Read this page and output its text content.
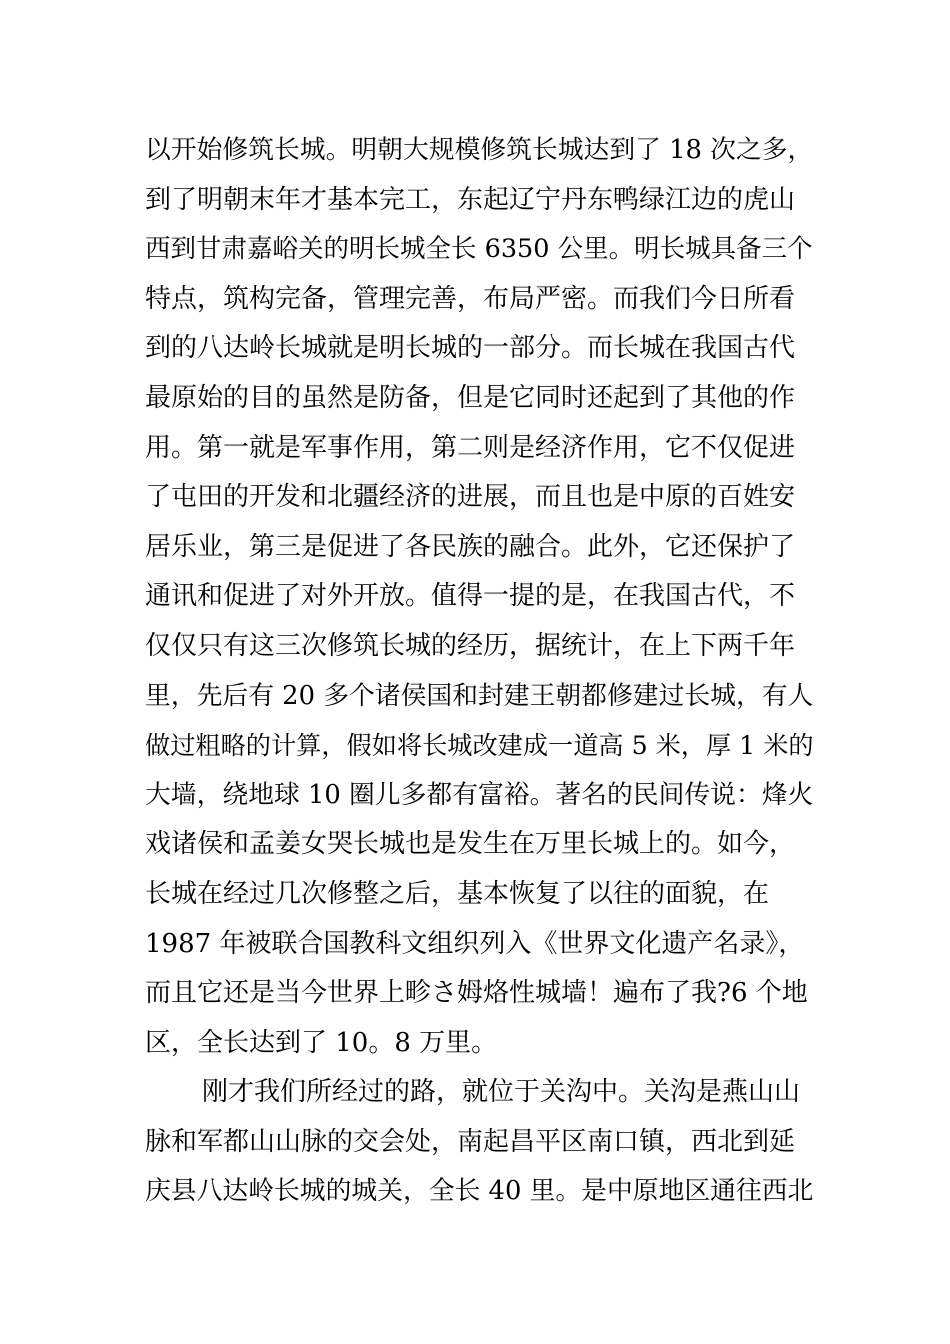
以开始修筑长城。明朝大规模修筑长城达到了 18 次之多，
到了明朝末年才基本完工，东起辽宁丹东鸭绿江边的虎山
西到甘肃嘉峪关的明长城全长 6350 公里。明长城具备三个
特点，筑构完备，管理完善，布局严密。而我们今日所看
到的八达岭长城就是明长城的一部分。而长城在我国古代
最原始的目的虽然是防备，但是它同时还起到了其他的作
用。第一就是军事作用，第二则是经济作用，它不仅促进
了屯田的开发和北疆经济的进展，而且也是中原的百姓安
居乐业，第三是促进了各民族的融合。此外，它还保护了
通讯和促进了对外开放。值得一提的是，在我国古代，不
仅仅只有这三次修筑长城的经历，据统计，在上下两千年
里，先后有 20 多个诸侯国和封建王朝都修建过长城，有人
做过粗略的计算，假如将长城改建成一道高 5 米，厚 1 米的
大墙，绕地球 10 圈儿多都有富裕。著名的民间传说：烽火
戏诸侯和孟姜女哭长城也是发生在万里长城上的。如今，
长城在经过几次修整之后，基本恢复了以往的面貌，在
1987 年被联合国教科文组织列入《世界文化遗产名录》，
而且它还是当今世界上畛さ姆烙性城墙！遍布了我?6 个地
区，全长达到了 10。8 万里。
刚才我们所经过的路，就位于关沟中。关沟是燕山山
脉和军都山山脉的交会处，南起昌平区南口镇，西北到延
庆县八达岭长城的城关，全长 40 里。是中原地区通往西北
